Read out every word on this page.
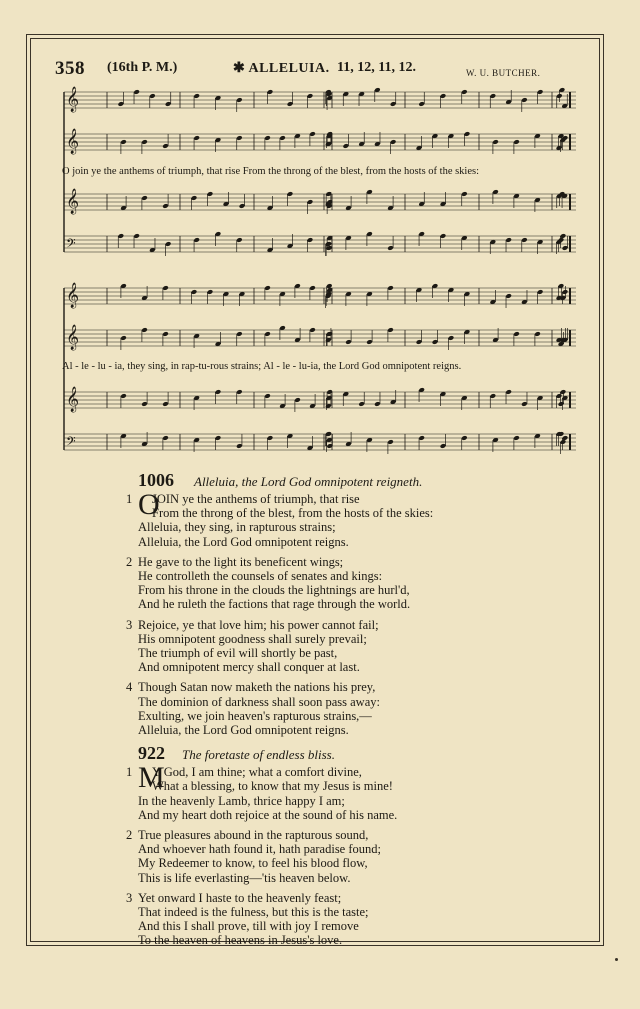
358 (16th P. M.)	✱ ALLELUIA. 11, 12, 11, 12.	W. U. BUTCHER.
𝄞
𝄞
𝄞
𝄢
O join ye the anthems of triumph, that rise From the throng of the blest, from the hosts of the skies:
𝄞
𝄞
𝄞
𝄢
Al - le - lu - ia, they sing, in rap-tu-rous strains; Al - le - lu-ia, the Lord God omnipotent reigns.
1006 Alleluia, the Lord God omnipotent reigneth.
1 O
JOIN ye the anthems of triumph, that rise
From the throng of the blest, from the hosts of the skies:
Alleluia, they sing, in rapturous strains;
Alleluia, the Lord God omnipotent reigns.
2 He gave to the light its beneficent wings;
He controlleth the counsels of senates and kings:
From his throne in the clouds the lightnings are hurl'd,
And he ruleth the factions that rage through the world.
3 Rejoice, ye that love him; his power cannot fail;
His omnipotent goodness shall surely prevail;
The triumph of evil will shortly be past,
And omnipotent mercy shall conquer at last.
4 Though Satan now maketh the nations his prey,
The dominion of darkness shall soon pass away:
Exulting, we join heaven's rapturous strains,—
Alleluia, the Lord God omnipotent reigns.
922 The foretaste of endless bliss.
1 M
Y God, I am thine; what a comfort divine,
What a blessing, to know that my Jesus is mine!
In the heavenly Lamb, thrice happy I am;
And my heart doth rejoice at the sound of his name.
2 True pleasures abound in the rapturous sound,
And whoever hath found it, hath paradise found;
My Redeemer to know, to feel his blood flow,
This is life everlasting—'tis heaven below.
3 Yet onward I haste to the heavenly feast;
That indeed is the fulness, but this is the taste;
And this I shall prove, till with joy I remove
To the heaven of heavens in Jesus's love.
